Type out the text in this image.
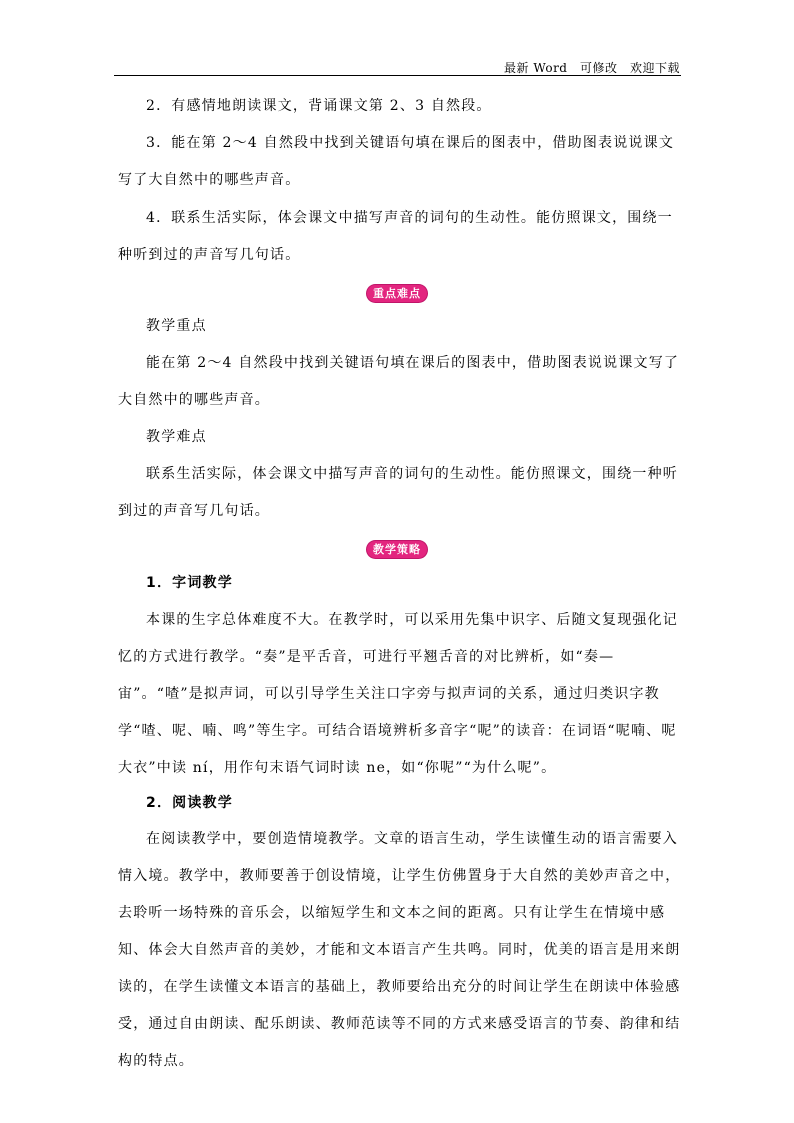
最新 Word　可修改　欢迎下载
2．有感情地朗读课文，背诵课文第 2、3 自然段。
3．能在第 2～4 自然段中找到关键语句填在课后的图表中，借助图表说说课文写了大自然中的哪些声音。
4．联系生活实际，体会课文中描写声音的词句的生动性。能仿照课文，围绕一种听到过的声音写几句话。
重点难点
教学重点
能在第 2～4 自然段中找到关键语句填在课后的图表中，借助图表说说课文写了大自然中的哪些声音。
教学难点
联系生活实际，体会课文中描写声音的词句的生动性。能仿照课文，围绕一种听到过的声音写几句话。
教学策略
1．字词教学
本课的生字总体难度不大。在教学时，可以采用先集中识字、后随文复现强化记忆的方式进行教学。“奏”是平舌音，可进行平翘舌音的对比辨析，如“奏—宙”。“喳”是拟声词，可以引导学生关注口字旁与拟声词的关系，通过归类识字教学“喳、呢、喃、鸣”等生字。可结合语境辨析多音字“呢”的读音：在词语“呢喃、呢大衣”中读 ní，用作句末语气词时读 ne，如“你呢”“为什么呢”。
2．阅读教学
在阅读教学中，要创造情境教学。文章的语言生动，学生读懂生动的语言需要入情入境。教学中，教师要善于创设情境，让学生仿佛置身于大自然的美妙声音之中，去聆听一场特殊的音乐会，以缩短学生和文本之间的距离。只有让学生在情境中感知、体会大自然声音的美妙，才能和文本语言产生共鸣。同时，优美的语言是用来朗读的，在学生读懂文本语言的基础上，教师要给出充分的时间让学生在朗读中体验感受，通过自由朗读、配乐朗读、教师范读等不同的方式来感受语言的节奏、韵律和结构的特点。
